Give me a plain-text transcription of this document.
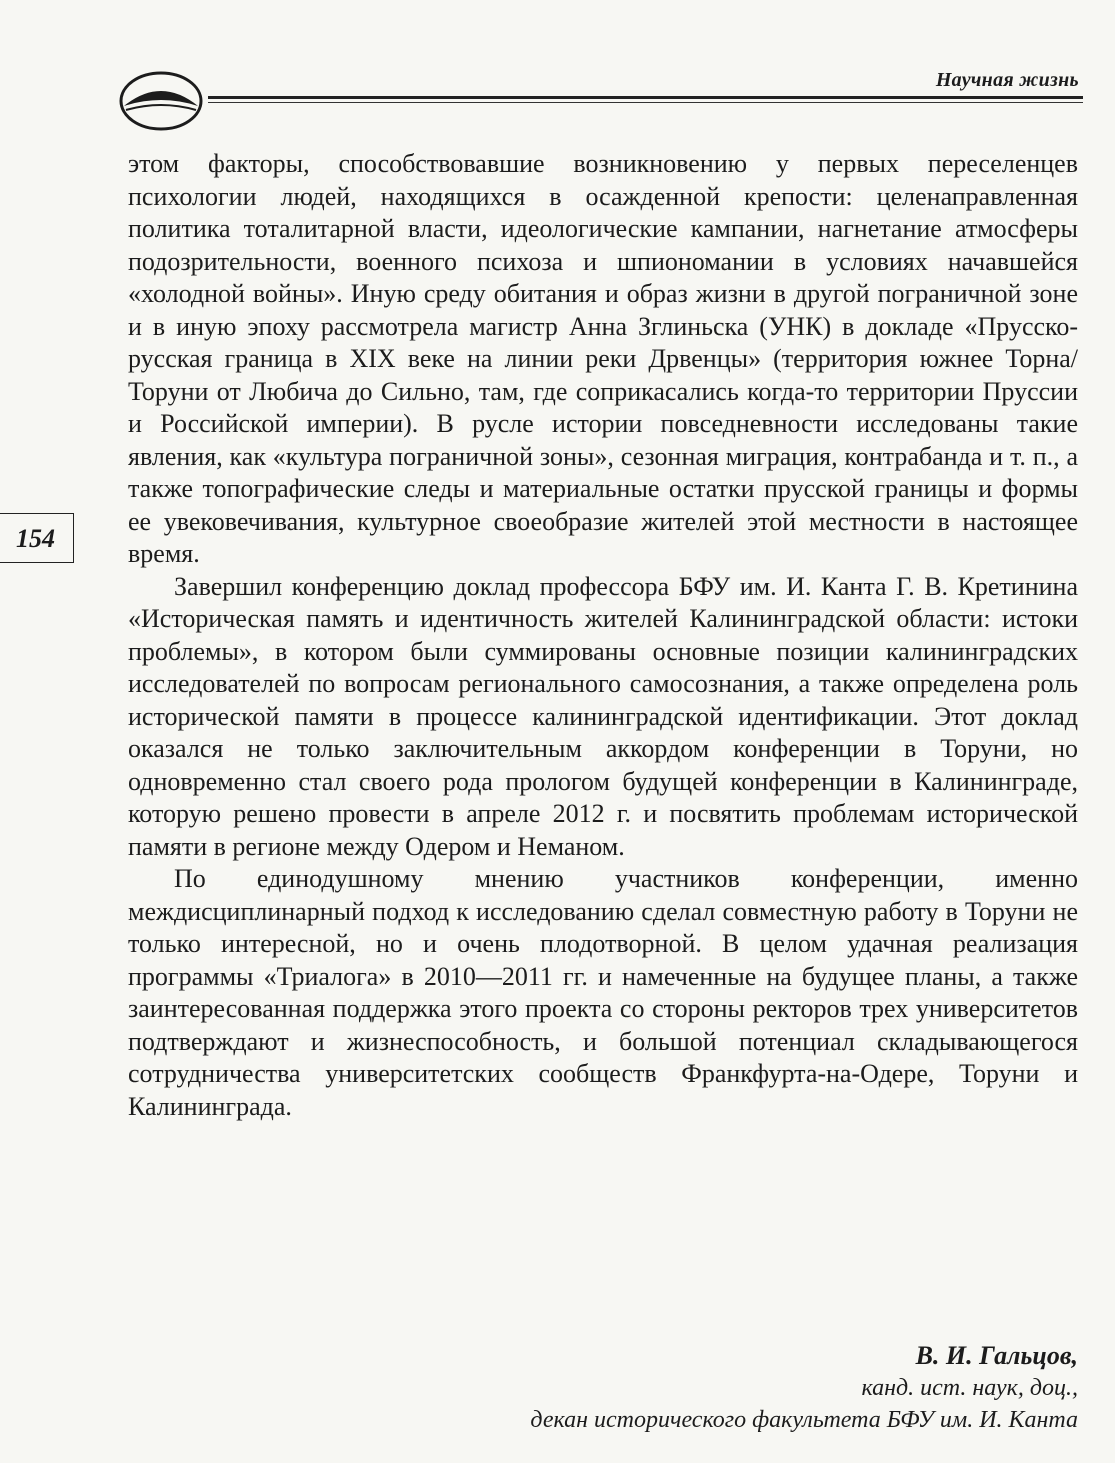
Научная жизнь
154

этом факторы, способствовавшие возникновению у первых переселенцев психологии людей, находящихся в осажденной крепости: целенаправленная политика тоталитарной власти, идеологические кампании, нагнетание атмосферы подозрительности, военного психоза и шпиономании в условиях начавшейся «холодной войны». Иную среду обитания и образ жизни в другой пограничной зоне и в иную эпоху рассмотрела магистр Анна Зглиньска (УНК) в докладе «Прусско-русская граница в XIX веке на линии реки Дрвенцы» (территория южнее Торна/Торуни от Любича до Сильно, там, где соприкасались когда-то территории Пруссии и Российской империи). В русле истории повседневности исследованы такие явления, как «культура пограничной зоны», сезонная миграция, контрабанда и т. п., а также топографические следы и материальные остатки прусской границы и формы ее увековечивания, культурное своеобразие жителей этой местности в настоящее время.

Завершил конференцию доклад профессора БФУ им. И. Канта Г. В. Кретинина «Историческая память и идентичность жителей Калининградской области: истоки проблемы», в котором были суммированы основные позиции калининградских исследователей по вопросам регионального самосознания, а также определена роль исторической памяти в процессе калининградской идентификации. Этот доклад оказался не только заключительным аккордом конференции в Торуни, но одновременно стал своего рода прологом будущей конференции в Калининграде, которую решено провести в апреле 2012 г. и посвятить проблемам исторической памяти в регионе между Одером и Неманом.

По единодушному мнению участников конференции, именно междисциплинарный подход к исследованию сделал совместную работу в Торуни не только интересной, но и очень плодотворной. В целом удачная реализация программы «Триалога» в 2010—2011 гг. и намеченные на будущее планы, а также заинтересованная поддержка этого проекта со стороны ректоров трех университетов подтверждают и жизнеспособность, и большой потенциал складывающегося сотрудничества университетских сообществ Франкфурта-на-Одере, Торуни и Калининграда.

В. И. Гальцов,
канд. ист. наук, доц.,
декан исторического факультета БФУ им. И. Канта
